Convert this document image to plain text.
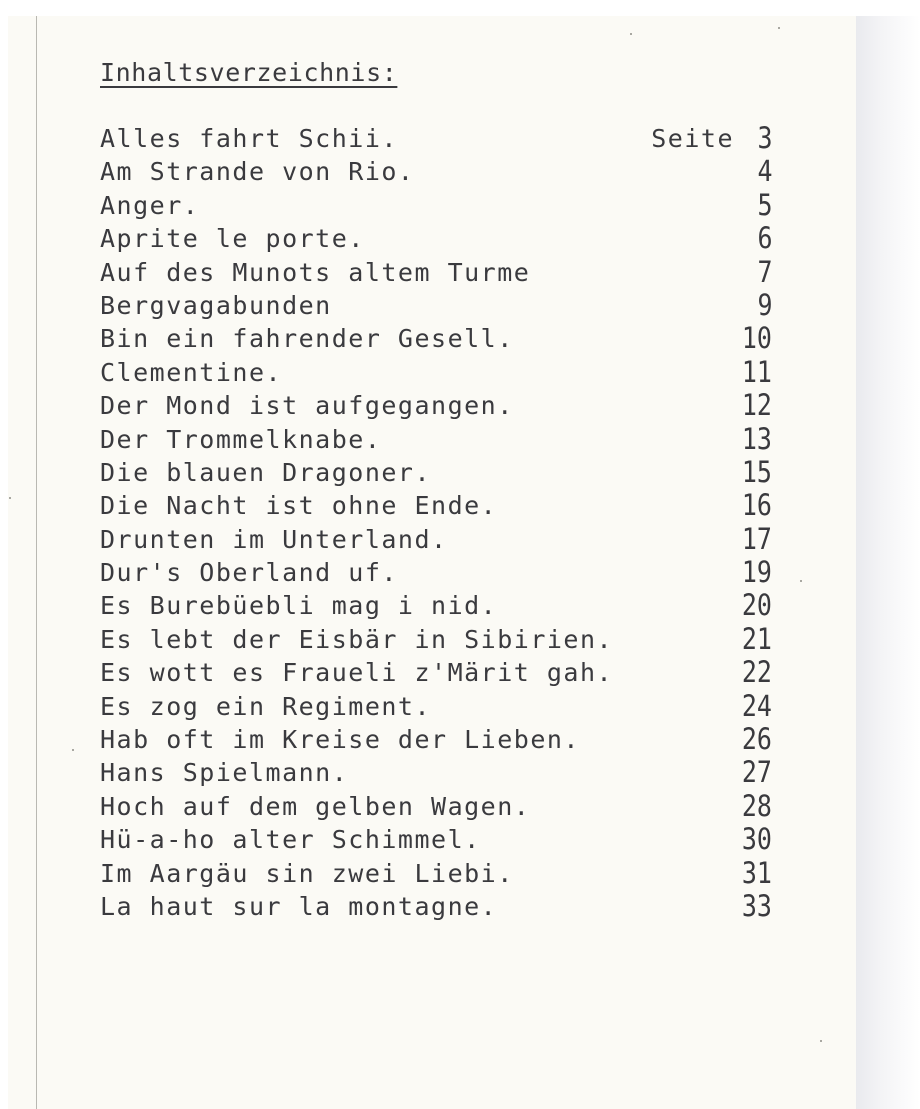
Inhaltsverzeichnis:
Alles fahrt Schii.	Seite 3
Am Strande von Rio.	4
Anger.	5
Aprite le porte.	6
Auf des Munots altem Turme	7
Bergvagabunden	9
Bin ein fahrender Gesell.	10
Clementine.	11
Der Mond ist aufgegangen.	12
Der Trommelknabe.	13
Die blauen Dragoner.	15
Die Nacht ist ohne Ende.	16
Drunten im Unterland.	17
Dur's Oberland uf.	19
Es Burebüebli mag i nid.	20
Es lebt der Eisbär in Sibirien.	21
Es wott es Fraueli z'Märit gah.	22
Es zog ein Regiment.	24
Hab oft im Kreise der Lieben.	26
Hans Spielmann.	27
Hoch auf dem gelben Wagen.	28
Hü-a-ho alter Schimmel.	30
Im Aargäu sin zwei Liebi.	31
La haut sur la montagne.	33
